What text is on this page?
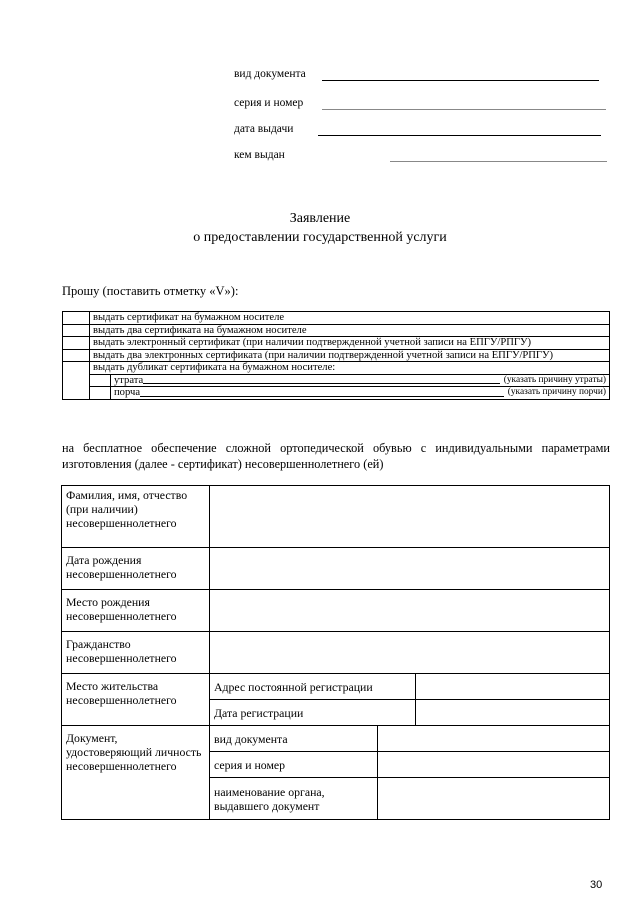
вид документа
серия и номер
дата выдачи
кем выдан
Заявление
о предоставлении государственной услуги
Прошу (поставить отметку «V»):
	выдать сертификат на бумажном носителе	
	выдать два сертификата на бумажном носителе	
	выдать электронный сертификат (при наличии подтвержденной учетной записи на ЕПГУ/РПГУ)	
	выдать два электронных сертификата (при наличии подтвержденной учетной записи на ЕПГУ/РПГУ)	
	выдать дубликат сертификата на бумажном носителе:	

		утрата (указать причину утраты)

		порча (указать причину порчи)
на бесплатное обеспечение сложной ортопедической обувью с индивидуальными параметрами
изготовления (далее - сертификат) несовершеннолетнего (ей)
Фамилия, имя, отчество (при наличии) несовершеннолетнего			
Дата рождения несовершеннолетнего			
Место рождения несовершеннолетнего			
Гражданство несовершеннолетнего			
Место жительства несовершеннолетнего	Адрес постоянной регистрации		
	Дата регистрации		
Документ, удостоверяющий личность несовершеннолетнего	вид документа		
	серия и номер		
	наименование органа, выдавшего документ		
30
